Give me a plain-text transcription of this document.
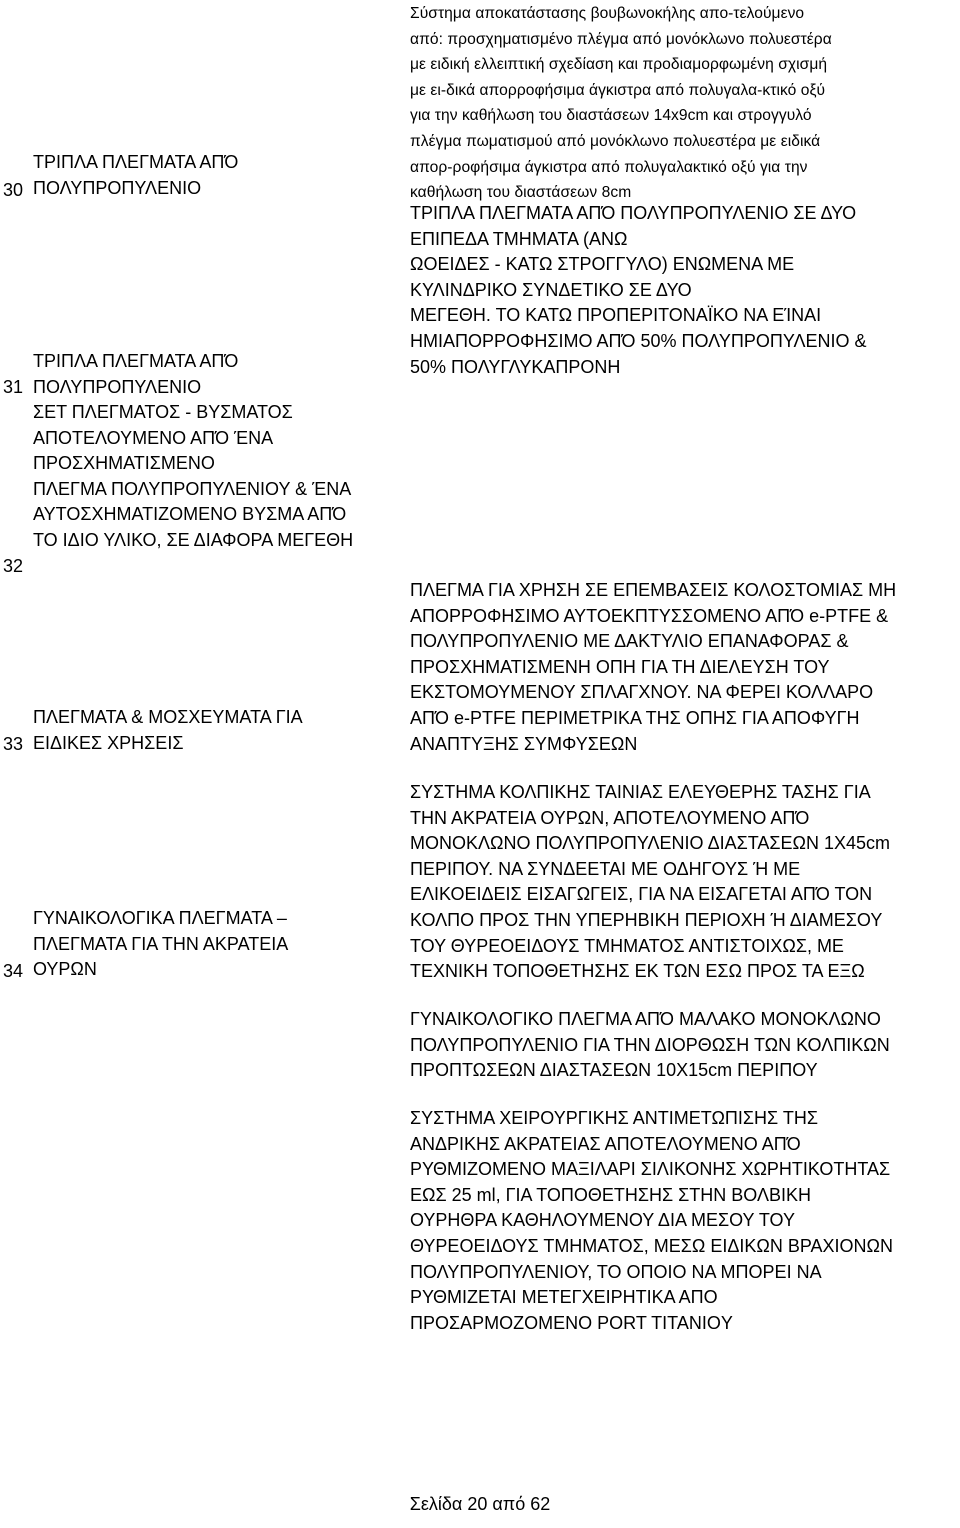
30
ΤΡΙΠΛΑ ΠΛΕΓΜΑΤΑ ΑΠΌ
ΠΟΛΥΠΡΟΠΥΛΕΝΙΟ
Σύστημα αποκατάστασης βουβωνοκήλης απο-τελούμενο
από: προσχηματισμένο πλέγμα από μονόκλωνο πολυεστέρα
με ειδική ελλειπτική σχεδίαση και προδιαμορφωμένη σχισμή
με ει-δικά απορροφήσιμα άγκιστρα από πολυγαλα-κτικό οξύ
για την καθήλωση του διαστάσεων 14x9cm και στρογγυλό
πλέγμα πωματισμού από μονόκλωνο πολυεστέρα με ειδικά
απορ-ροφήσιμα άγκιστρα από πολυγαλακτικό οξύ για την
καθήλωση του διαστάσεων 8cm
ΤΡΙΠΛΑ ΠΛΕΓΜΑΤΑ ΑΠΌ ΠΟΛΥΠΡΟΠΥΛΕΝΙΟ ΣΕ ΔΥΟ
ΕΠΙΠΕΔΑ ΤΜΗΜΑΤΑ (ΑΝΩ
ΩΟΕΙΔΕΣ - ΚΑΤΩ ΣΤΡΟΓΓΥΛΟ) ΕΝΩΜΕΝΑ ΜΕ
ΚΥΛΙΝΔΡΙΚΟ ΣΥΝΔΕΤΙΚΟ ΣΕ ΔΥΟ
ΜΕΓΕΘΗ. ΤΟ ΚΑΤΩ ΠΡΟΠΕΡΙΤΟΝΑΪΚΟ ΝΑ ΕΊΝΑΙ
ΗΜΙΑΠΟΡΡΟΦΗΣΙΜΟ ΑΠΌ 50% ΠΟΛΥΠΡΟΠΥΛΕΝΙΟ &
50% ΠΟΛΥΓΛΥΚΑΠΡΟΝΗ
31
ΤΡΙΠΛΑ ΠΛΕΓΜΑΤΑ ΑΠΌ
ΠΟΛΥΠΡΟΠΥΛΕΝΙΟ
32
ΣΕΤ ΠΛΕΓΜΑΤΟΣ - ΒΥΣΜΑΤΟΣ
ΑΠΟΤΕΛΟΥΜΕΝΟ ΑΠΌ ΈΝΑ
ΠΡΟΣΧΗΜΑΤΙΣΜΕΝΟ
ΠΛΕΓΜΑ ΠΟΛΥΠΡΟΠΥΛΕΝΙΟΥ & ΈΝΑ
ΑΥΤΟΣΧΗΜΑΤΙΖΟΜΕΝΟ ΒΥΣΜΑ ΑΠΌ
ΤΟ ΙΔΙΟ ΥΛΙΚΟ, ΣΕ ΔΙΑΦΟΡΑ ΜΕΓΕΘΗ
33
ΠΛΕΓΜΑΤΑ & ΜΟΣΧΕΥΜΑΤΑ ΓΙΑ
ΕΙΔΙΚΕΣ ΧΡΗΣΕΙΣ
ΠΛΕΓΜΑ ΓΙΑ ΧΡΗΣΗ ΣΕ ΕΠΕΜΒΑΣΕΙΣ ΚΟΛΟΣΤΟΜΙΑΣ ΜΗ
ΑΠΟΡΡΟΦΗΣΙΜΟ ΑΥΤΟΕΚΠΤΥΣΣΟΜΕΝΟ ΑΠΌ e-PTFE &
ΠΟΛΥΠΡΟΠΥΛΕΝΙΟ ΜΕ ΔΑΚΤΥΛΙΟ ΕΠΑΝΑΦΟΡΑΣ &
ΠΡΟΣΧΗΜΑΤΙΣΜΕΝΗ ΟΠΗ ΓΙΑ ΤΗ ΔΙΕΛΕΥΣΗ ΤΟΥ
ΕΚΣΤΟΜΟΥΜΕΝΟΥ ΣΠΛΑΓΧΝΟΥ. ΝΑ ΦΕΡΕΙ ΚΟΛΛΑΡΟ
ΑΠΌ e-PTFE ΠΕΡΙΜΕΤΡΙΚΑ ΤΗΣ ΟΠΗΣ ΓΙΑ ΑΠΟΦΥΓΗ
ΑΝΑΠΤΥΞΗΣ ΣΥΜΦΥΣΕΩΝ
34
ΓΥΝΑΙΚΟΛΟΓΙΚΑ ΠΛΕΓΜΑΤΑ –
ΠΛΕΓΜΑΤΑ ΓΙΑ ΤΗΝ ΑΚΡΑΤΕΙΑ
ΟΥΡΩΝ
ΣΥΣΤΗΜΑ ΚΟΛΠΙΚΗΣ ΤΑΙΝΙΑΣ ΕΛΕΥΘΕΡΗΣ ΤΑΣΗΣ ΓΙΑ
ΤΗΝ ΑΚΡΑΤΕΙΑ ΟΥΡΩΝ, ΑΠΟΤΕΛΟΥΜΕΝΟ ΑΠΌ
ΜΟΝΟΚΛΩΝΟ ΠΟΛΥΠΡΟΠΥΛΕΝΙΟ ΔΙΑΣΤΑΣΕΩΝ 1Χ45cm
ΠΕΡΙΠΟΥ. ΝΑ ΣΥΝΔΕΕΤΑΙ ΜΕ ΟΔΗΓΟΥΣ Ή ΜΕ
ΕΛΙΚΟΕΙΔΕΙΣ ΕΙΣΑΓΩΓΕΙΣ, ΓΙΑ ΝΑ ΕΙΣΑΓΕΤΑΙ ΑΠΌ ΤΟΝ
ΚΟΛΠΟ ΠΡΟΣ ΤΗΝ ΥΠΕΡΗΒΙΚΗ ΠΕΡΙΟΧΗ Ή ΔΙΑΜΕΣΟΥ
ΤΟΥ ΘΥΡΕΟΕΙΔΟΥΣ ΤΜΗΜΑΤΟΣ ΑΝΤΙΣΤΟΙΧΩΣ, ΜΕ
ΤΕΧΝΙΚΗ ΤΟΠΟΘΕΤΗΣΗΣ ΕΚ ΤΩΝ ΕΣΩ ΠΡΟΣ ΤΑ ΕΞΩ
ΓΥΝΑΙΚΟΛΟΓΙΚΟ ΠΛΕΓΜΑ ΑΠΌ ΜΑΛΑΚΟ ΜΟΝΟΚΛΩΝΟ
ΠΟΛΥΠΡΟΠΥΛΕΝΙΟ ΓΙΑ ΤΗΝ ΔΙΟΡΘΩΣΗ ΤΩΝ ΚΟΛΠΙΚΩΝ
ΠΡΟΠΤΩΣΕΩΝ ΔΙΑΣΤΑΣΕΩΝ 10Χ15cm ΠΕΡΙΠΟΥ
ΣΥΣΤΗΜΑ ΧΕΙΡΟΥΡΓΙΚΗΣ ΑΝΤΙΜΕΤΩΠΙΣΗΣ ΤΗΣ
ΑΝΔΡΙΚΗΣ ΑΚΡΑΤΕΙΑΣ ΑΠΟΤΕΛΟΥΜΕΝΟ ΑΠΌ
ΡΥΘΜΙΖΟΜΕΝΟ ΜΑΞΙΛΑΡΙ ΣΙΛΙΚΟΝΗΣ ΧΩΡΗΤΙΚΟΤΗΤΑΣ
ΕΩΣ 25 ml, ΓΙΑ ΤΟΠΟΘΕΤΗΣΗΣ ΣΤΗΝ ΒΟΛΒΙΚΗ
ΟΥΡΗΘΡΑ ΚΑΘΗΛΟΥΜΕΝΟΥ ΔΙΑ ΜΕΣΟΥ ΤΟΥ
ΘΥΡΕΟΕΙΔΟΥΣ ΤΜΗΜΑΤΟΣ, ΜΕΣΩ ΕΙΔΙΚΩΝ ΒΡΑΧΙΟΝΩΝ
ΠΟΛΥΠΡΟΠΥΛΕΝΙΟΥ, ΤΟ ΟΠΟΙΟ ΝΑ ΜΠΟΡΕΙ ΝΑ
ΡΥΘΜΙΖΕΤΑΙ ΜΕΤΕΓΧΕΙΡΗΤΙΚΑ ΑΠΟ
ΠΡΟΣΑΡΜΟΖΟΜΕΝΟ PORT TITANIOY
Σελίδα 20 από 62
